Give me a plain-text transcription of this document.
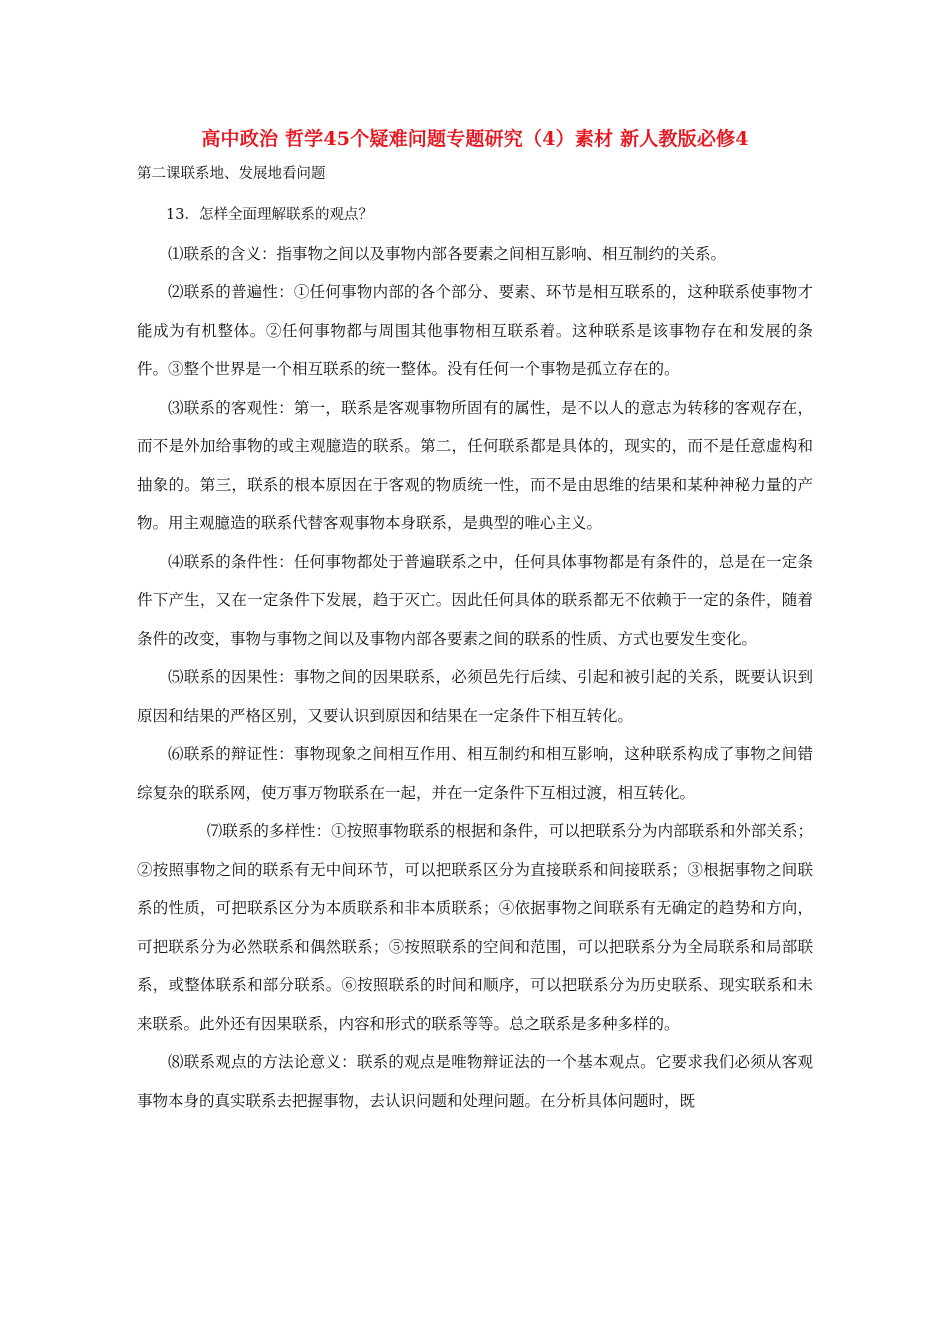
高中政治 哲学45个疑难问题专题研究（4）素材 新人教版必修4
第二课联系地、发展地看问题

13．怎样全面理解联系的观点？

⑴联系的含义：指事物之间以及事物内部各要素之间相互影响、相互制约的关系。

⑵联系的普遍性：①任何事物内部的各个部分、要素、环节是相互联系的，这种联系使事物才能成为有机整体。②任何事物都与周围其他事物相互联系着。这种联系是该事物存在和发展的条件。③整个世界是一个相互联系的统一整体。没有任何一个事物是孤立存在的。

⑶联系的客观性：第一，联系是客观事物所固有的属性，是不以人的意志为转移的客观存在，而不是外加给事物的或主观臆造的联系。第二，任何联系都是具体的，现实的，而不是任意虚构和抽象的。第三，联系的根本原因在于客观的物质统一性，而不是由思维的结果和某种神秘力量的产物。用主观臆造的联系代替客观事物本身联系，是典型的唯心主义。

⑷联系的条件性：任何事物都处于普遍联系之中，任何具体事物都是有条件的，总是在一定条件下产生，又在一定条件下发展，趋于灭亡。因此任何具体的联系都无不依赖于一定的条件，随着条件的改变，事物与事物之间以及事物内部各要素之间的联系的性质、方式也要发生变化。

⑸联系的因果性：事物之间的因果联系，必须邑先行后续、引起和被引起的关系，既要认识到原因和结果的严格区别，又要认识到原因和结果在一定条件下相互转化。

⑹联系的辩证性：事物现象之间相互作用、相互制约和相互影响，这种联系构成了事物之间错综复杂的联系网，使万事万物联系在一起，并在一定条件下互相过渡，相互转化。

⑺联系的多样性：①按照事物联系的根据和条件，可以把联系分为内部联系和外部关系；②按照事物之间的联系有无中间环节，可以把联系区分为直接联系和间接联系；③根据事物之间联系的性质，可把联系区分为本质联系和非本质联系；④依据事物之间联系有无确定的趋势和方向，可把联系分为必然联系和偶然联系；⑤按照联系的空间和范围，可以把联系分为全局联系和局部联系，或整体联系和部分联系。⑥按照联系的时间和顺序，可以把联系分为历史联系、现实联系和未来联系。此外还有因果联系，内容和形式的联系等等。总之联系是多种多样的。

⑻联系观点的方法论意义：联系的观点是唯物辩证法的一个基本观点。它要求我们必须从客观事物本身的真实联系去把握事物，去认识问题和处理问题。在分析具体问题时，既
